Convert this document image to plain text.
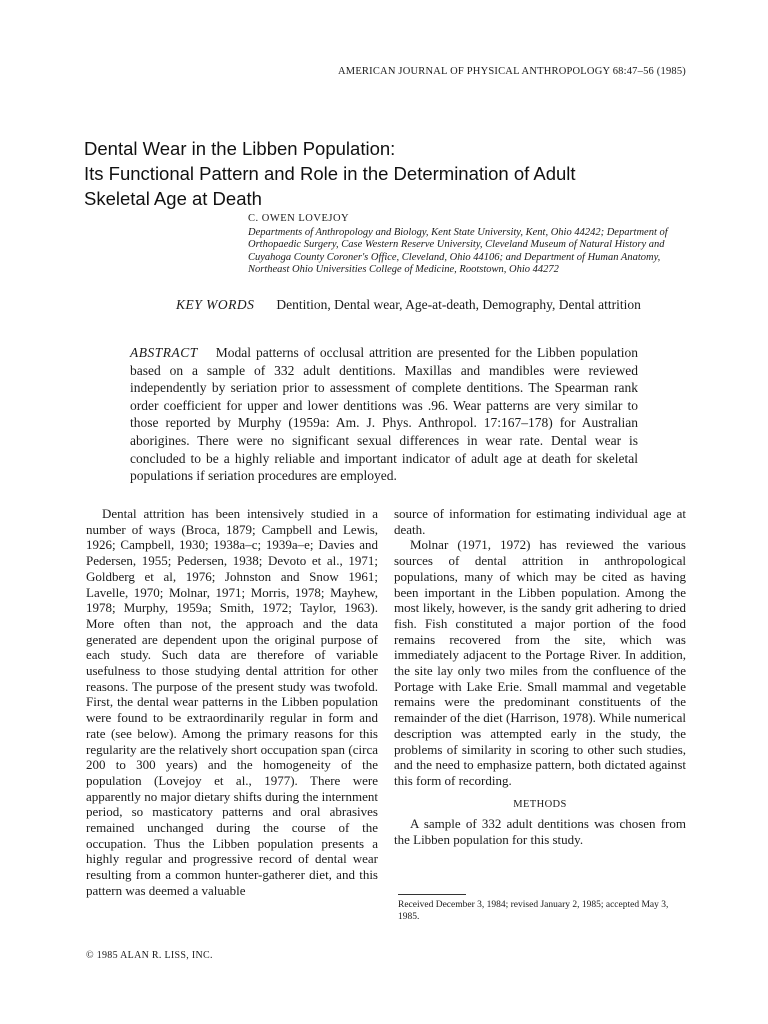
AMERICAN JOURNAL OF PHYSICAL ANTHROPOLOGY 68:47–56 (1985)
Dental Wear in the Libben Population:
Its Functional Pattern and Role in the Determination of Adult
Skeletal Age at Death
C. OWEN LOVEJOY
Departments of Anthropology and Biology, Kent State University, Kent, Ohio 44242; Department of Orthopaedic Surgery, Case Western Reserve University, Cleveland Museum of Natural History and Cuyahoga County Coroner's Office, Cleveland, Ohio 44106; and Department of Human Anatomy, Northeast Ohio Universities College of Medicine, Rootstown, Ohio 44272
KEY WORDS Dentition, Dental wear, Age-at-death, Demography, Dental attrition
ABSTRACT Modal patterns of occlusal attrition are presented for the Libben population based on a sample of 332 adult dentitions. Maxillas and mandibles were reviewed independently by seriation prior to assessment of complete dentitions. The Spearman rank order coefficient for upper and lower dentitions was .96. Wear patterns are very similar to those reported by Murphy (1959a: Am. J. Phys. Anthropol. 17:167–178) for Australian aborigines. There were no significant sexual differences in wear rate. Dental wear is concluded to be a highly reliable and important indicator of adult age at death for skeletal populations if seriation procedures are employed.

Dental attrition has been intensively studied in a number of ways (Broca, 1879; Campbell and Lewis, 1926; Campbell, 1930; 1938a–c; 1939a–e; Davies and Pedersen, 1955; Pedersen, 1938; Devoto et al., 1971; Goldberg et al, 1976; Johnston and Snow 1961; Lavelle, 1970; Molnar, 1971; Morris, 1978; Mayhew, 1978; Murphy, 1959a; Smith, 1972; Taylor, 1963). More often than not, the approach and the data generated are dependent upon the original purpose of each study. Such data are therefore of variable usefulness to those studying dental attrition for other reasons. The purpose of the present study was twofold. First, the dental wear patterns in the Libben population were found to be extraordinarily regular in form and rate (see below). Among the primary reasons for this regularity are the relatively short occupation span (circa 200 to 300 years) and the homogeneity of the population (Lovejoy et al., 1977). There were apparently no major dietary shifts during the internment period, so masticatory patterns and oral abrasives remained unchanged during the course of the occupation. Thus the Libben population presents a highly regular and progressive record of dental wear resulting from a common hunter-gatherer diet, and this pattern was deemed a valuable

source of information for estimating individual age at death.

Molnar (1971, 1972) has reviewed the various sources of dental attrition in anthropological populations, many of which may be cited as having been important in the Libben population. Among the most likely, however, is the sandy grit adhering to dried fish. Fish constituted a major portion of the food remains recovered from the site, which was immediately adjacent to the Portage River. In addition, the site lay only two miles from the confluence of the Portage with Lake Erie. Small mammal and vegetable remains were the predominant constituents of the remainder of the diet (Harrison, 1978). While numerical description was attempted early in the study, the problems of similarity in scoring to other such studies, and the need to emphasize pattern, both dictated against this form of recording.

METHODS

A sample of 332 adult dentitions was chosen from the Libben population for this study.

Received December 3, 1984; revised January 2, 1985; accepted May 3, 1985.
© 1985 ALAN R. LISS, INC.
